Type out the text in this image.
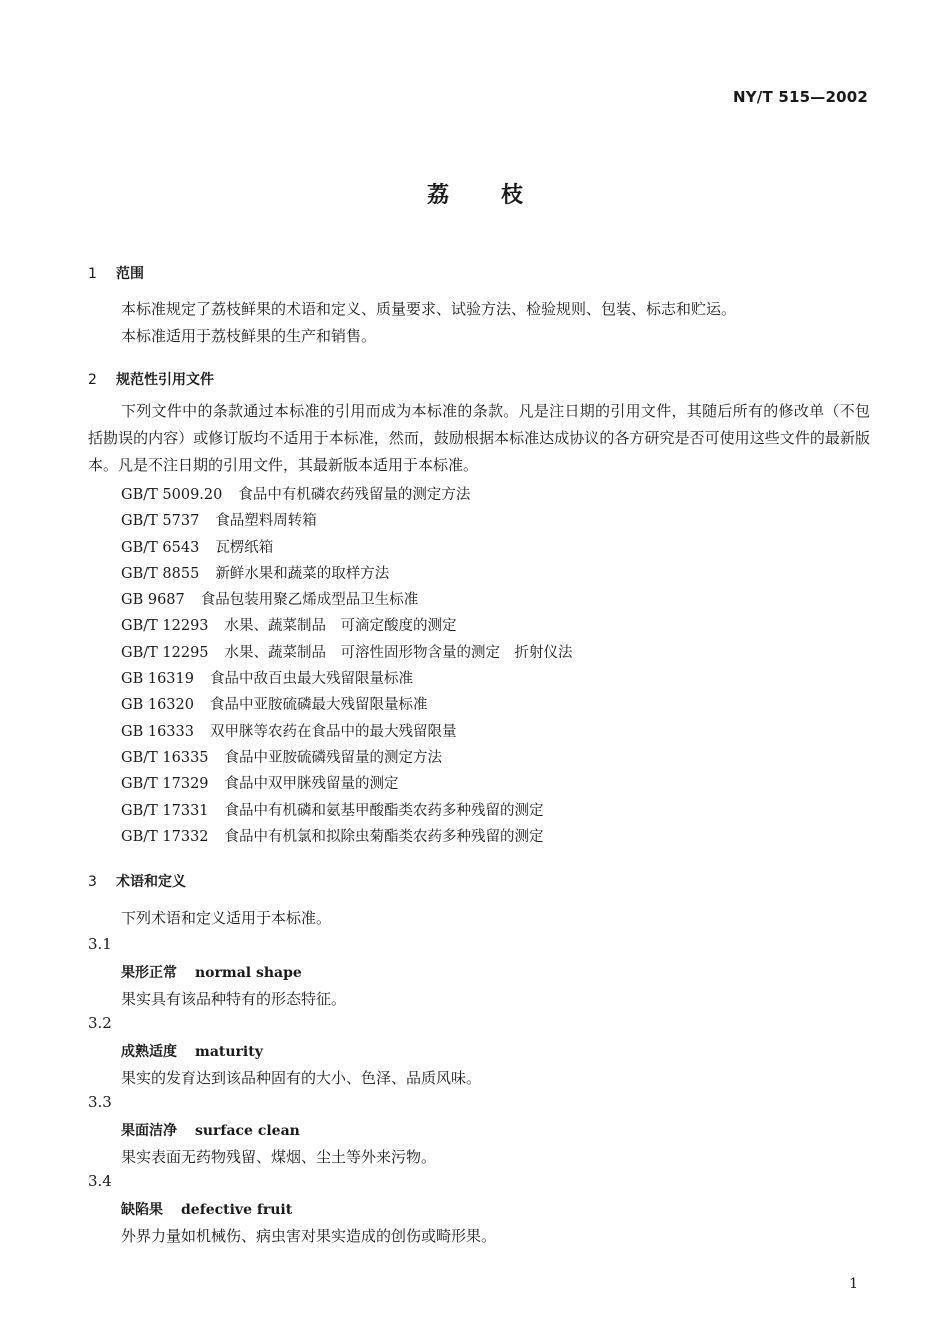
NY/T 515—2002
荔枝
1 范围
本标准规定了荔枝鲜果的术语和定义、质量要求、试验方法、检验规则、包装、标志和贮运。
本标准适用于荔枝鲜果的生产和销售。
2 规范性引用文件
下列文件中的条款通过本标准的引用而成为本标准的条款。凡是注日期的引用文件，其随后所有的修改单（不包括勘误的内容）或修订版均不适用于本标准，然而，鼓励根据本标准达成协议的各方研究是否可使用这些文件的最新版本。凡是不注日期的引用文件，其最新版本适用于本标准。
GB/T 5009.20 食品中有机磷农药残留量的测定方法
GB/T 5737 食品塑料周转箱
GB/T 6543 瓦楞纸箱
GB/T 8855 新鲜水果和蔬菜的取样方法
GB 9687 食品包装用聚乙烯成型品卫生标准
GB/T 12293 水果、蔬菜制品　可滴定酸度的测定
GB/T 12295 水果、蔬菜制品　可溶性固形物含量的测定　折射仪法
GB 16319 食品中敌百虫最大残留限量标准
GB 16320 食品中亚胺硫磷最大残留限量标准
GB 16333 双甲脒等农药在食品中的最大残留限量
GB/T 16335 食品中亚胺硫磷残留量的测定方法
GB/T 17329 食品中双甲脒残留量的测定
GB/T 17331 食品中有机磷和氨基甲酸酯类农药多种残留的测定
GB/T 17332 食品中有机氯和拟除虫菊酯类农药多种残留的测定
3 术语和定义
下列术语和定义适用于本标准。
3.1
果形正常 normal shape
果实具有该品种特有的形态特征。
3.2
成熟适度 maturity
果实的发育达到该品种固有的大小、色泽、品质风味。
3.3
果面洁净 surface clean
果实表面无药物残留、煤烟、尘土等外来污物。
3.4
缺陷果 defective fruit
外界力量如机械伤、病虫害对果实造成的创伤或畸形果。
1
